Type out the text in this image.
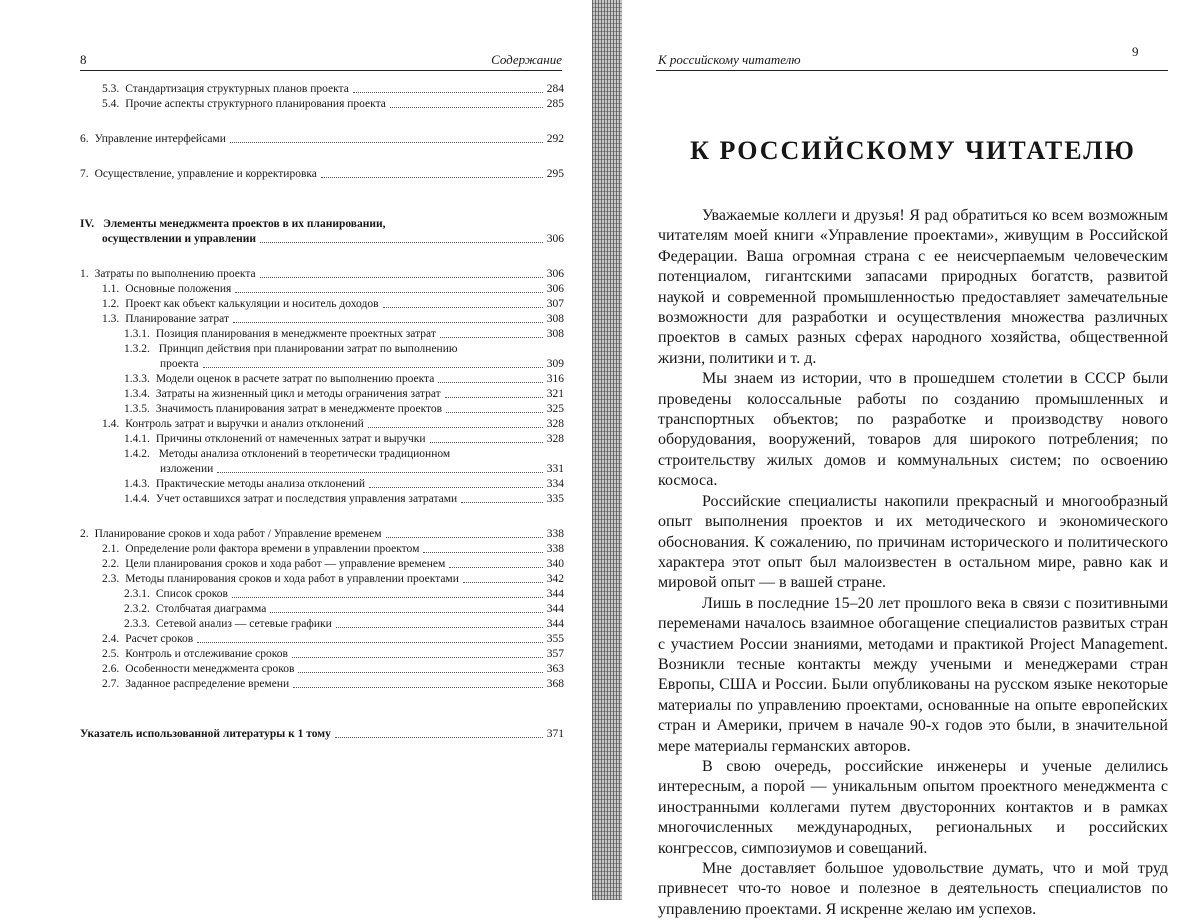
8	Содержание
5.3. Стандартизация структурных планов проекта	284
5.4. Прочие аспекты структурного планирования проекта	285
6. Управление интерфейсами	292
7. Осуществление, управление и корректировка	295
IV. Элементы менеджмента проектов в их планировании,
осуществлении и управлении	306
1. Затраты по выполнению проекта	306
1.1. Основные положения	306
1.2. Проект как объект калькуляции и носитель доходов	307
1.3. Планирование затрат	308
1.3.1. Позиция планирования в менеджменте проектных затрат	308
1.3.2. Принцип действия при планировании затрат по выполнению
проекта	309
1.3.3. Модели оценок в расчете затрат по выполнению проекта	316
1.3.4. Затраты на жизненный цикл и методы ограничения затрат	321
1.3.5. Значимость планирования затрат в менеджменте проектов	325
1.4. Контроль затрат и выручки и анализ отклонений	328
1.4.1. Причины отклонений от намеченных затрат и выручки	328
1.4.2. Методы анализа отклонений в теоретически традиционном
изложении	331
1.4.3. Практические методы анализа отклонений	334
1.4.4. Учет оставшихся затрат и последствия управления затратами	335
2. Планирование сроков и хода работ / Управление временем	338
2.1. Определение роли фактора времени в управлении проектом	338
2.2. Цели планирования сроков и хода работ — управление временем	340
2.3. Методы планирования сроков и хода работ в управлении проектами	342
2.3.1. Список сроков	344
2.3.2. Столбчатая диаграмма	344
2.3.3. Сетевой анализ — сетевые графики	344
2.4. Расчет сроков	355
2.5. Контроль и отслеживание сроков	357
2.6. Особенности менеджмента сроков	363
2.7. Заданное распределение времени	368
Указатель использованной литературы к 1 тому	371
К российскому читателю
9
К РОССИЙСКОМУ ЧИТАТЕЛЮ

Уважаемые коллеги и друзья! Я рад обратиться ко всем возможным читателям моей книги «Управление проектами», живущим в Российской Федерации. Ваша огромная страна с ее неисчерпаемым человеческим потенциалом, гигантскими запасами природных богатств, развитой наукой и современной промышленностью предоставляет замечательные возможности для разработки и осуществления множества различных проектов в самых разных сферах народного хозяйства, общественной жизни, политики и т. д.

Мы знаем из истории, что в прошедшем столетии в СССР были проведены колоссальные работы по созданию промышленных и транспортных объектов; по разработке и производству нового оборудования, вооружений, товаров для широкого потребления; по строительству жилых домов и коммунальных систем; по освоению космоса.

Российские специалисты накопили прекрасный и многообразный опыт выполнения проектов и их методического и экономического обоснования. К сожалению, по причинам исторического и политического характера этот опыт был малоизвестен в остальном мире, равно как и мировой опыт — в вашей стране.

Лишь в последние 15–20 лет прошлого века в связи с позитивными переменами началось взаимное обогащение специалистов развитых стран с участием России знаниями, методами и практикой Project Management. Возникли тесные контакты между учеными и менеджерами стран Европы, США и России. Были опубликованы на русском языке некоторые материалы по управлению проектами, основанные на опыте европейских стран и Америки, причем в начале 90-х годов это были, в значительной мере материалы германских авторов.

В свою очередь, российские инженеры и ученые делились интересным, а порой — уникальным опытом проектного менеджмента с иностранными коллегами путем двусторонних контактов и в рамках многочисленных международных, региональных и российских конгрессов, симпозиумов и совещаний.

Мне доставляет большое удовольствие думать, что и мой труд привнесет что-то новое и полезное в деятельность специалистов по управлению проектами. Я искренне желаю им успехов.
